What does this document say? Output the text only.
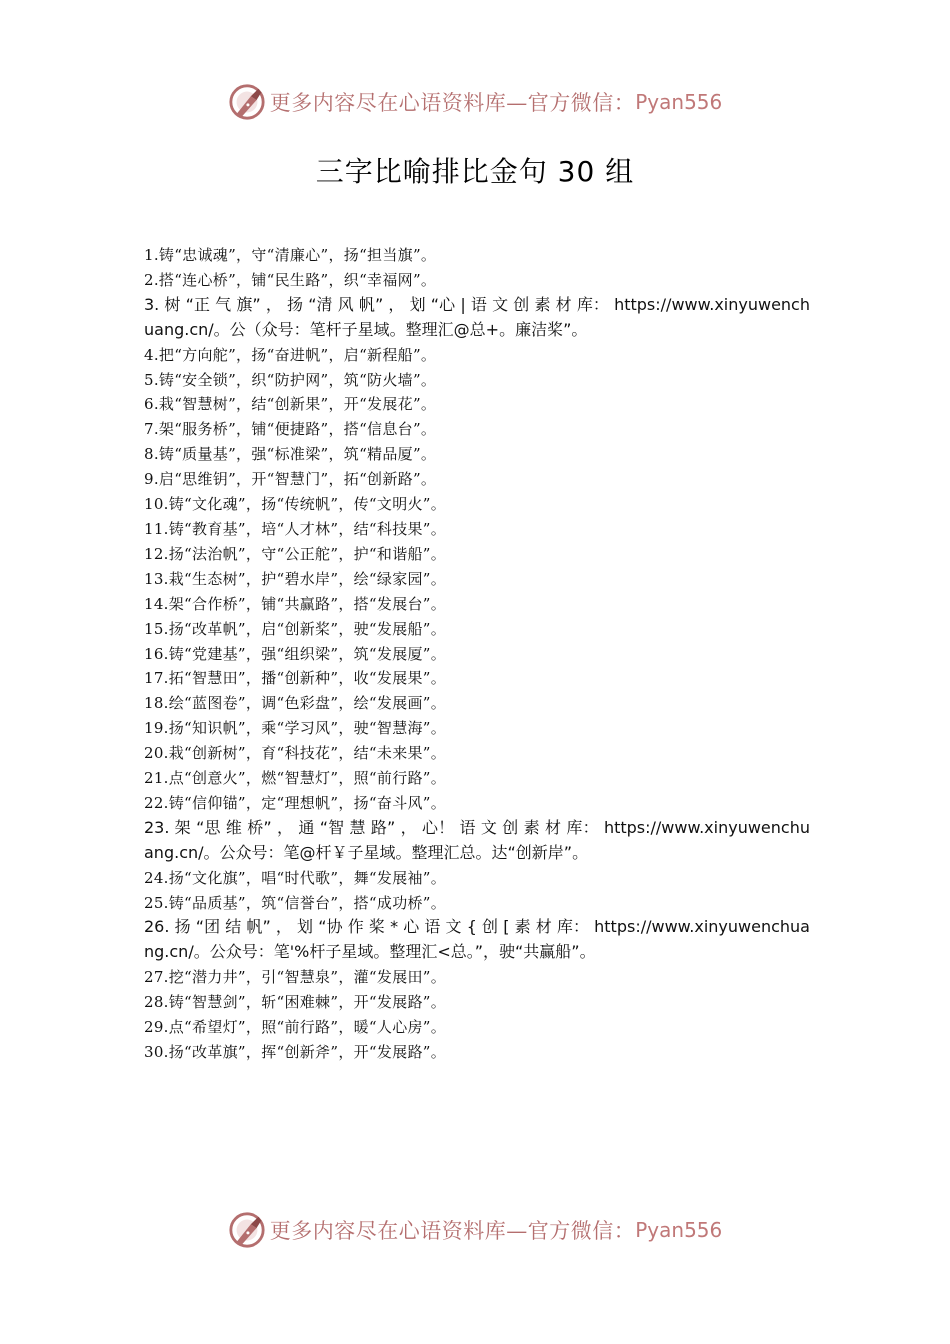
更多内容尽在心语资料库—官方微信： Pyan556
三字比喻排比金句 30 组
1.铸“忠诚魂”，守“清廉心”，扬“担当旗”。
2.搭“连心桥”，铺“民生路”，织“幸福网”。
3. 树 “正 气 旗” ， 扬 “清 风 帆” ， 划 “心 | 语 文 创 素 材 库： https://www.xinyuwenchuang.cn/。公（众号：笔杆子星域。整理汇@总+。廉洁桨”。
4.把“方向舵”，扬“奋进帆”，启“新程船”。
5.铸“安全锁”，织“防护网”，筑“防火墙”。
6.栽“智慧树”，结“创新果”，开“发展花”。
7.架“服务桥”，铺“便捷路”，搭“信息台”。
8.铸“质量基”，强“标准梁”，筑“精品厦”。
9.启“思维钥”，开“智慧门”，拓“创新路”。
10.铸“文化魂”，扬“传统帆”，传“文明火”。
11.铸“教育基”，培“人才林”，结“科技果”。
12.扬“法治帆”，守“公正舵”，护“和谐船”。
13.栽“生态树”，护“碧水岸”，绘“绿家园”。
14.架“合作桥”，铺“共赢路”，搭“发展台”。
15.扬“改革帆”，启“创新桨”，驶“发展船”。
16.铸“党建基”，强“组织梁”，筑“发展厦”。
17.拓“智慧田”，播“创新种”，收“发展果”。
18.绘“蓝图卷”，调“色彩盘”，绘“发展画”。
19.扬“知识帆”，乘“学习风”，驶“智慧海”。
20.栽“创新树”，育“科技花”，结“未来果”。
21.点“创意火”，燃“智慧灯”，照“前行路”。
22.铸“信仰锚”，定“理想帆”，扬“奋斗风”。
23. 架 “思 维 桥” ， 通 “智 慧 路” ， 心！ 语 文 创 素 材 库： https://www.xinyuwenchuang.cn/。公众号：笔@杆￥子星域。整理汇总。达“创新岸”。
24.扬“文化旗”，唱“时代歌”，舞“发展袖”。
25.铸“品质基”，筑“信誉台”，搭“成功桥”。
26. 扬 “团 结 帆” ， 划 “协 作 桨 * 心 语 文 { 创 [ 素 材 库： https://www.xinyuwenchuang.cn/。公众号：笔'%杆子星域。整理汇<总。”，驶“共赢船”。
27.挖“潜力井”，引“智慧泉”，灌“发展田”。
28.铸“智慧剑”，斩“困难棘”，开“发展路”。
29.点“希望灯”，照“前行路”，暖“人心房”。
30.扬“改革旗”，挥“创新斧”，开“发展路”。
更多内容尽在心语资料库—官方微信： Pyan556
